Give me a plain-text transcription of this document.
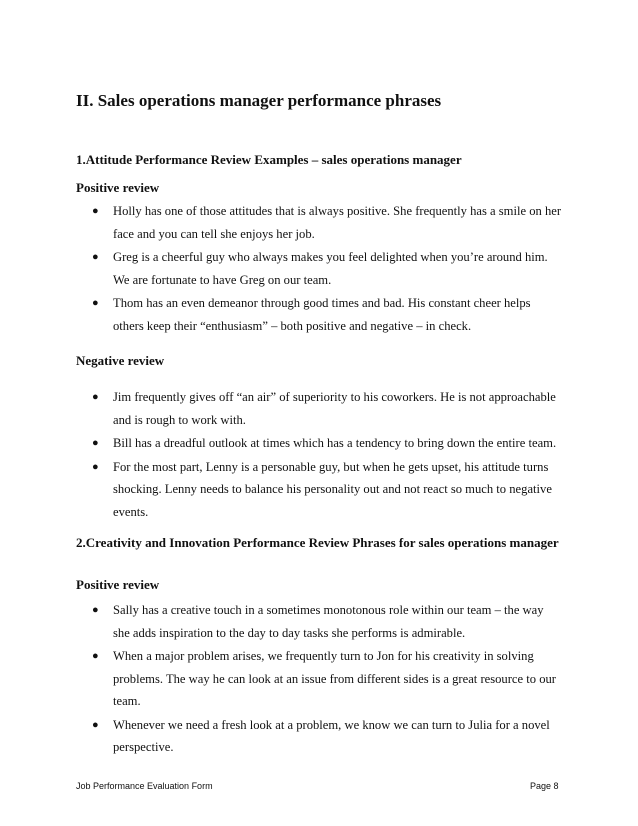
II. Sales operations manager performance phrases
1.Attitude Performance Review Examples – sales operations manager
Positive review
● Holly has one of those attitudes that is always positive. She frequently has a smile on her face and you can tell she enjoys her job.
● Greg is a cheerful guy who always makes you feel delighted when you’re around him. We are fortunate to have Greg on our team.
● Thom has an even demeanor through good times and bad. His constant cheer helps others keep their “enthusiasm” – both positive and negative – in check.
Negative review
● Jim frequently gives off “an air” of superiority to his coworkers. He is not approachable and is rough to work with.
● Bill has a dreadful outlook at times which has a tendency to bring down the entire team.
● For the most part, Lenny is a personable guy, but when he gets upset, his attitude turns shocking. Lenny needs to balance his personality out and not react so much to negative events.
2.Creativity and Innovation Performance Review Phrases for sales operations manager
Positive review
● Sally has a creative touch in a sometimes monotonous role within our team – the way she adds inspiration to the day to day tasks she performs is admirable.
● When a major problem arises, we frequently turn to Jon for his creativity in solving problems. The way he can look at an issue from different sides is a great resource to our team.
● Whenever we need a fresh look at a problem, we know we can turn to Julia for a novel perspective.
Job Performance Evaluation Form	Page 8
